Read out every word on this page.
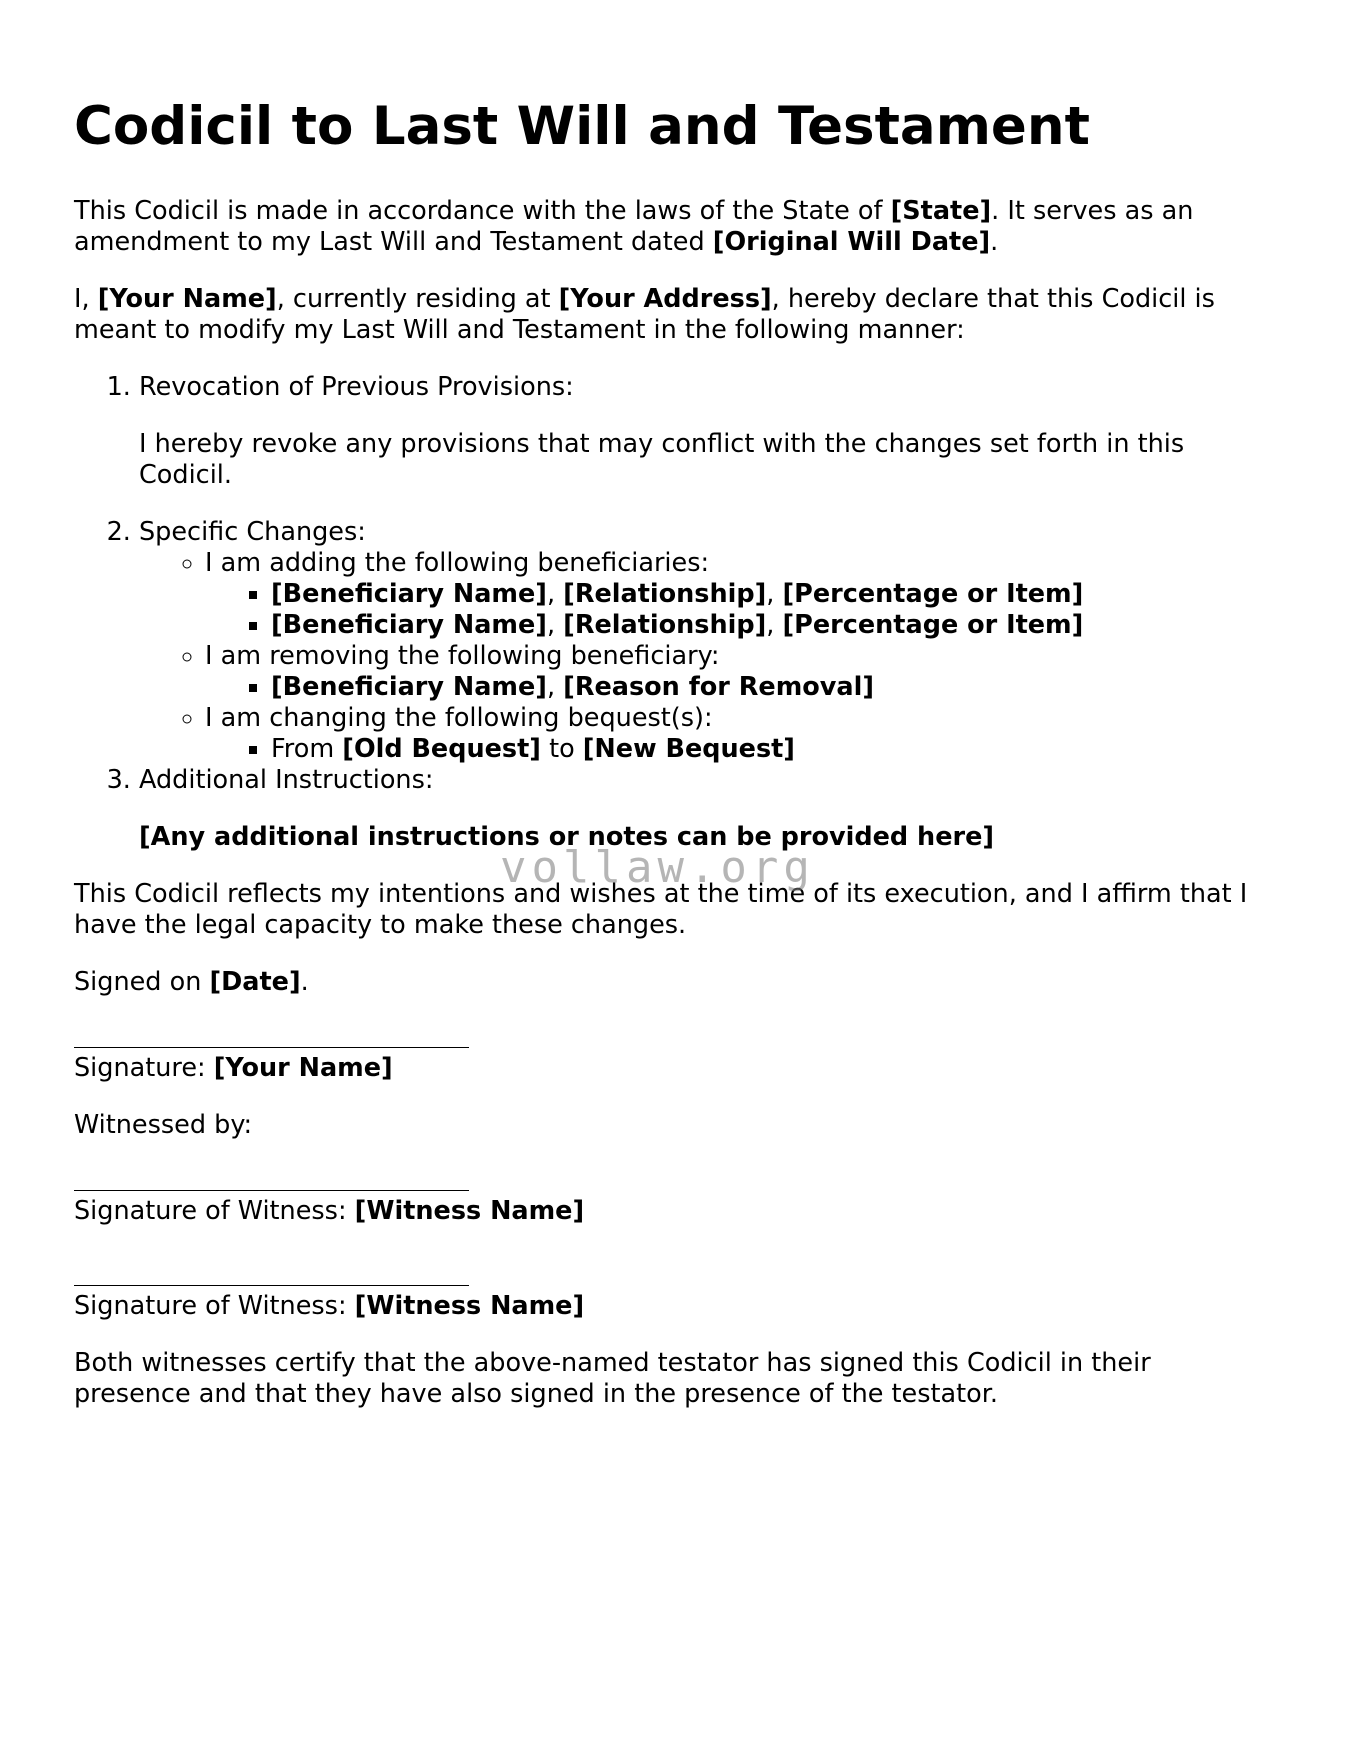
Codicil to Last Will and Testament

This Codicil is made in accordance with the laws of the State of [State]. It serves as an amendment to my Last Will and Testament dated [Original Will Date].

I, [Your Name], currently residing at [Your Address], hereby declare that this Codicil is meant to modify my Last Will and Testament in the following manner:

1. Revocation of Previous Provisions:
I hereby revoke any provisions that may conflict with the changes set forth in this Codicil.
2. Specific Changes:
◦ I am adding the following beneficiaries:
▪ [Beneficiary Name], [Relationship], [Percentage or Item]
▪ [Beneficiary Name], [Relationship], [Percentage or Item]
◦ I am removing the following beneficiary:
▪ [Beneficiary Name], [Reason for Removal]
◦ I am changing the following bequest(s):
▪ From [Old Bequest] to [New Bequest]
3. Additional Instructions:
[Any additional instructions or notes can be provided here]

This Codicil reflects my intentions and wishes at the time of its execution, and I affirm that I have the legal capacity to make these changes.

Signed on [Date].

Signature: [Your Name]

Witnessed by:

Signature of Witness: [Witness Name]

Signature of Witness: [Witness Name]

Both witnesses certify that the above-named testator has signed this Codicil in their presence and that they have also signed in the presence of the testator.

vollaw.org
